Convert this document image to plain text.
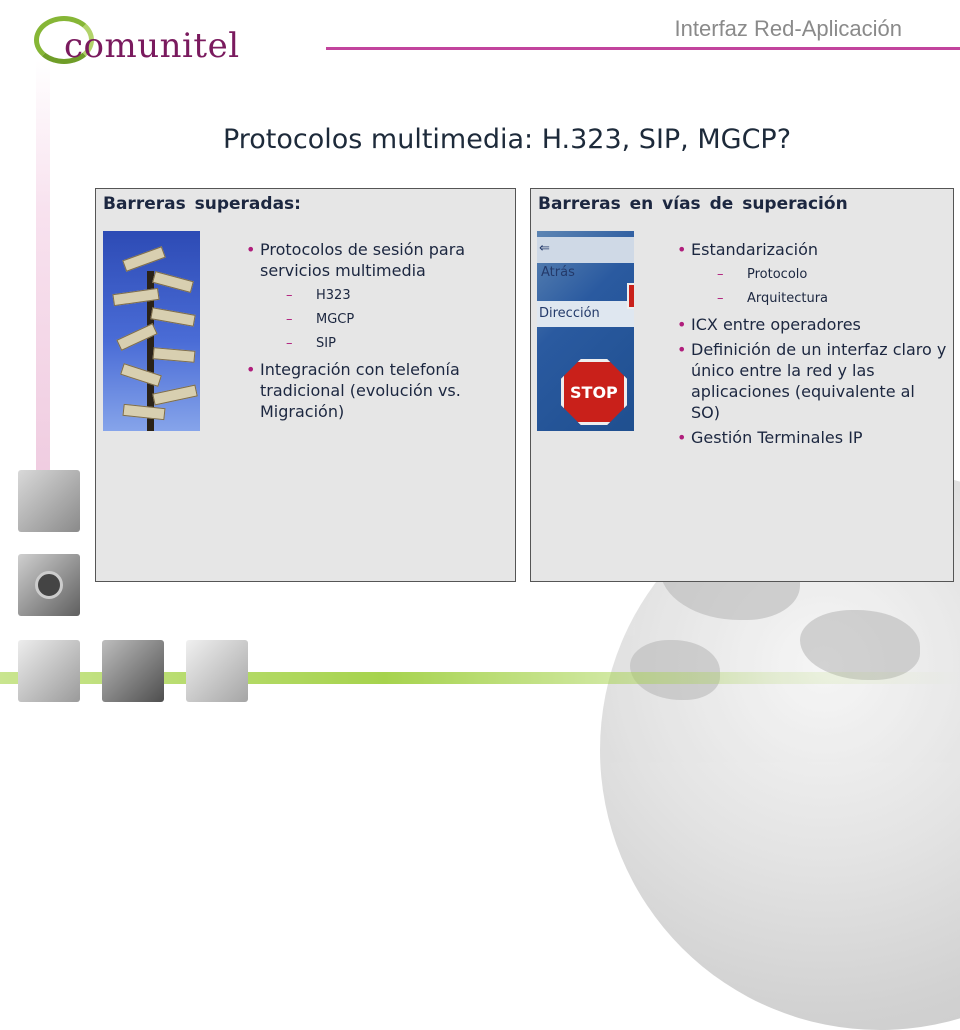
comunitel	Interfaz Red-Aplicación
Protocolos multimedia: H.323, SIP, MGCP?
Barreras superadas:
• Protocolos de sesión para servicios multimedia
– H323
– MGCP
– SIP
• Integración con telefonía tradicional (evolución vs. Migración)
Barreras en vías de superación
⇐
Atrás
Dirección
STOP
• Estandarización
– Protocolo
– Arquitectura
• ICX entre operadores
• Definición de un interfaz claro y único entre la red y las aplicaciones (equivalente al SO)
• Gestión Terminales IP
